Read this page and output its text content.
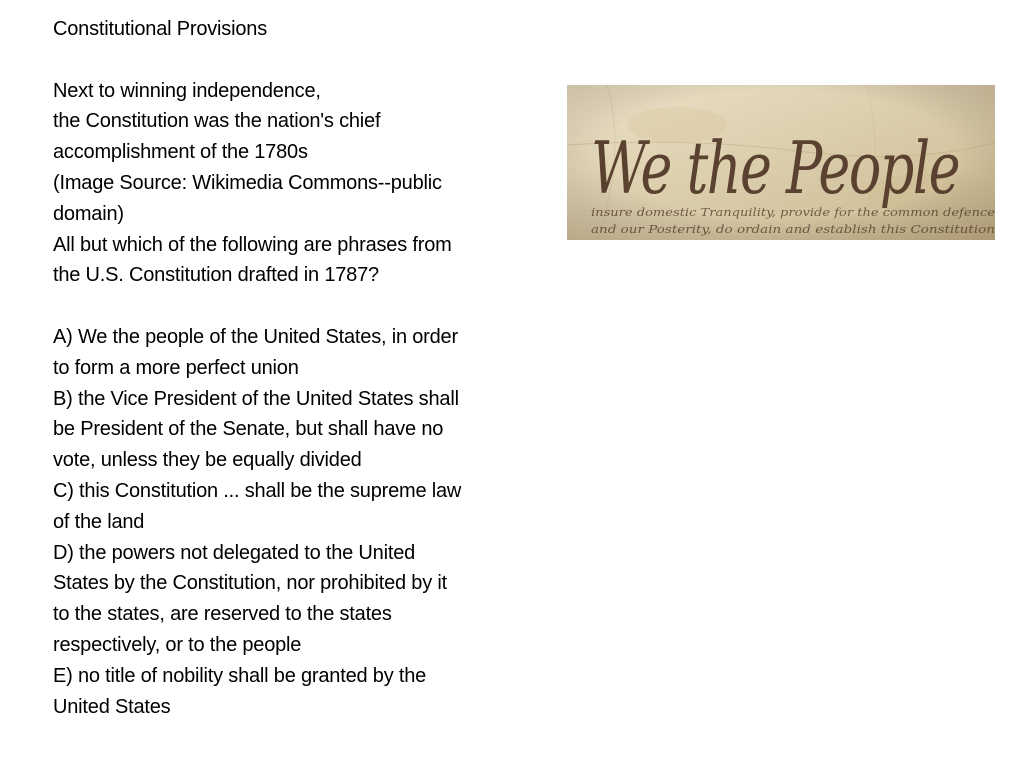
Constitutional Provisions
Next to winning independence,
the Constitution was the nation's chief
accomplishment of the 1780s
(Image Source: Wikimedia Commons--public
domain)
All but which of the following are phrases from
the U.S. Constitution drafted in 1787?
A) We the people of the United States, in order
to form a more perfect union
B) the Vice President of the United States shall
be President of the Senate, but shall have no
vote, unless they be equally divided
C) this Constitution ... shall be the supreme law
of the land
D) the powers not delegated to the United
States by the Constitution, nor prohibited by it
to the states, are reserved to the states
respectively, or to the people
E) no title of nobility shall be granted by the
United States
